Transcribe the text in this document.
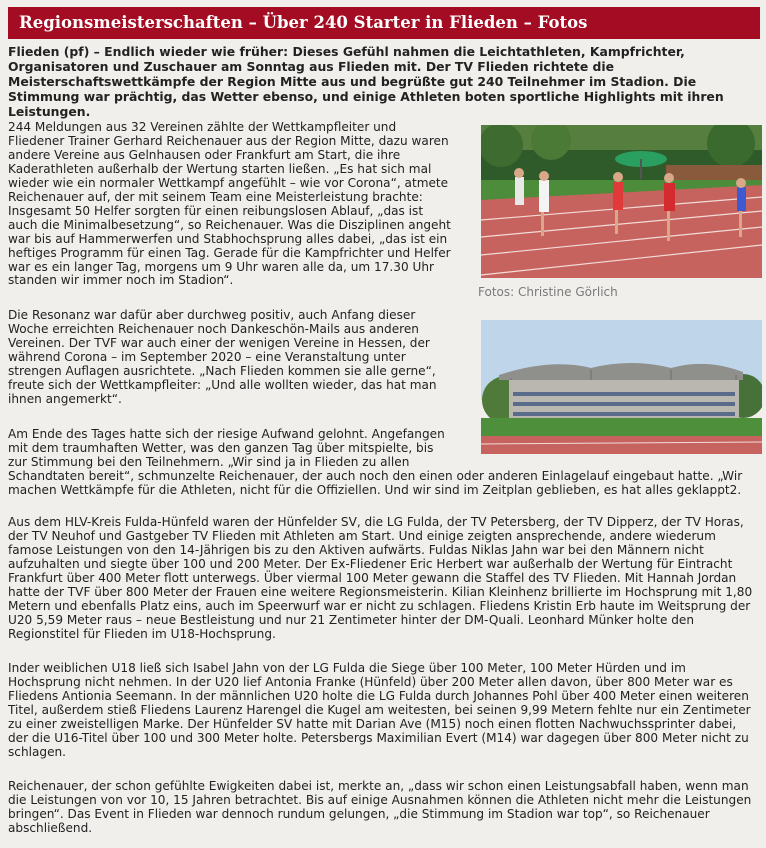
Regionsmeisterschaften – Über 240 Starter in Flieden – Fotos
Flieden (pf) – Endlich wieder wie früher: Dieses Gefühl nahmen die Leichtathleten, Kampfrichter, Organisatoren und Zuschauer am Sonntag aus Flieden mit. Der TV Flieden richtete die Meisterschaftswettkämpfe der Region Mitte aus und begrüßte gut 240 Teilnehmer im Stadion. Die Stimmung war prächtig, das Wetter ebenso, und einige Athleten boten sportliche Highlights mit ihren Leistungen.
Fotos: Christine Görlich
244 Meldungen aus 32 Vereinen zählte der Wettkampfleiter und
Fliedener Trainer Gerhard Reichenauer aus der Region Mitte, dazu waren
andere Vereine aus Gelnhausen oder Frankfurt am Start, die ihre
Kaderathleten außerhalb der Wertung starten ließen. „Es hat sich mal
wieder wie ein normaler Wettkampf angefühlt – wie vor Corona“, atmete
Reichenauer auf, der mit seinem Team eine Meisterleistung brachte:
Insgesamt 50 Helfer sorgten für einen reibungslosen Ablauf, „das ist
auch die Minimalbesetzung“, so Reichenauer. Was die Disziplinen angeht
war bis auf Hammerwerfen und Stabhochsprung alles dabei, „das ist ein
heftiges Programm für einen Tag. Gerade für die Kampfrichter und Helfer
war es ein langer Tag, morgens um 9 Uhr waren alle da, um 17.30 Uhr
standen wir immer noch im Stadion“.
Die Resonanz war dafür aber durchweg positiv, auch Anfang dieser
Woche erreichten Reichenauer noch Dankeschön-Mails aus anderen
Vereinen. Der TVF war auch einer der wenigen Vereine in Hessen, der
während Corona – im September 2020 – eine Veranstaltung unter
strengen Auflagen ausrichtete. „Nach Flieden kommen sie alle gerne“,
freute sich der Wettkampfleiter: „Und alle wollten wieder, das hat man
ihnen angemerkt“.
Am Ende des Tages hatte sich der riesige Aufwand gelohnt. Angefangen
mit dem traumhaften Wetter, was den ganzen Tag über mitspielte, bis
zur Stimmung bei den Teilnehmern. „Wir sind ja in Flieden zu allen
Schandtaten bereit“, schmunzelte Reichenauer, der auch noch den einen oder anderen Einlagelauf eingebaut hatte. „Wir
machen Wettkämpfe für die Athleten, nicht für die Offiziellen. Und wir sind im Zeitplan geblieben, es hat alles geklappt2.
Aus dem HLV-Kreis Fulda-Hünfeld waren der Hünfelder SV, die LG Fulda, der TV Petersberg, der TV Dipperz, der TV Horas,
der TV Neuhof und Gastgeber TV Flieden mit Athleten am Start. Und einige zeigten ansprechende, andere wiederum
famose Leistungen von den 14-Jährigen bis zu den Aktiven aufwärts. Fuldas Niklas Jahn war bei den Männern nicht
aufzuhalten und siegte über 100 und 200 Meter. Der Ex-Fliedener Eric Herbert war außerhalb der Wertung für Eintracht
Frankfurt über 400 Meter flott unterwegs. Über viermal 100 Meter gewann die Staffel des TV Flieden. Mit Hannah Jordan
hatte der TVF über 800 Meter der Frauen eine weitere Regionsmeisterin. Kilian Kleinhenz brillierte im Hochsprung mit 1,80
Metern und ebenfalls Platz eins, auch im Speerwurf war er nicht zu schlagen. Fliedens Kristin Erb haute im Weitsprung der
U20 5,59 Meter raus – neue Bestleistung und nur 21 Zentimeter hinter der DM-Quali. Leonhard Münker holte den
Regionstitel für Flieden im U18-Hochsprung.
Inder weiblichen U18 ließ sich Isabel Jahn von der LG Fulda die Siege über 100 Meter, 100 Meter Hürden und im
Hochsprung nicht nehmen. In der U20 lief Antonia Franke (Hünfeld) über 200 Meter allen davon, über 800 Meter war es
Fliedens Antionia Seemann. In der männlichen U20 holte die LG Fulda durch Johannes Pohl über 400 Meter einen weiteren
Titel, außerdem stieß Fliedens Laurenz Harengel die Kugel am weitesten, bei seinen 9,99 Metern fehlte nur ein Zentimeter
zu einer zweistelligen Marke. Der Hünfelder SV hatte mit Darian Ave (M15) noch einen flotten Nachwuchssprinter dabei,
der die U16-Titel über 100 und 300 Meter holte. Petersbergs Maximilian Evert (M14) war dagegen über 800 Meter nicht zu
schlagen.
Reichenauer, der schon gefühlte Ewigkeiten dabei ist, merkte an, „dass wir schon einen Leistungsabfall haben, wenn man
die Leistungen von vor 10, 15 Jahren betrachtet. Bis auf einige Ausnahmen können die Athleten nicht mehr die Leistungen
bringen“. Das Event in Flieden war dennoch rundum gelungen, „die Stimmung im Stadion war top“, so Reichenauer
abschließend.
